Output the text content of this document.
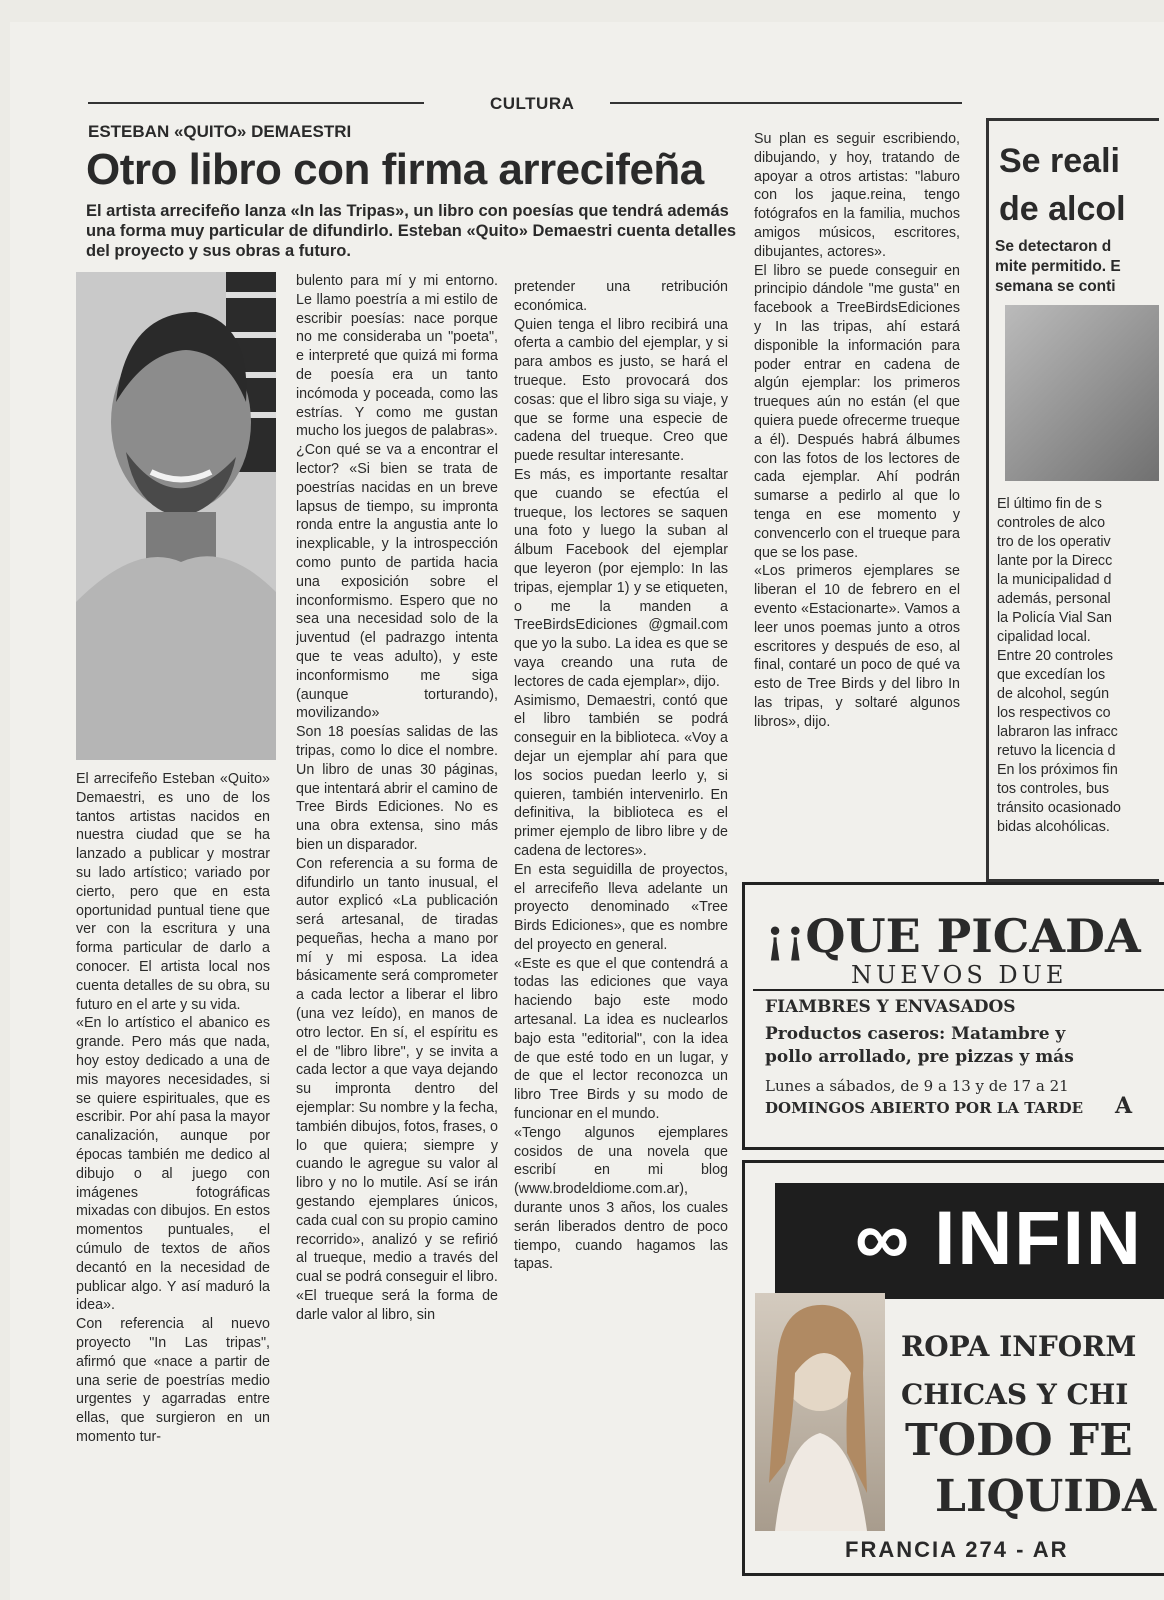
CULTURA
ESTEBAN «QUITO» DEMAESTRI
Otro libro con firma arrecifeña
El artista arrecifeño lanza «In las Tripas», un libro con poesías que tendrá además una forma muy particular de difundirlo. Esteban «Quito» Demaestri cuenta detalles del proyecto y sus obras a futuro.

El arrecifeño Esteban «Quito» Demaestri, es uno de los tantos artistas nacidos en nuestra ciudad que se ha lanzado a publicar y mostrar su lado artístico; variado por cierto, pero que en esta oportunidad puntual tiene que ver con la escritura y una forma particular de darlo a conocer. El artista local nos cuenta detalles de su obra, su futuro en el arte y su vida.

«En lo artístico el abanico es grande. Pero más que nada, hoy estoy dedicado a una de mis mayores necesidades, si se quiere espirituales, que es escribir. Por ahí pasa la mayor canalización, aunque por épocas también me dedico al dibujo o al juego con imágenes fotográficas mixadas con dibujos. En estos momentos puntuales, el cúmulo de textos de años decantó en la necesidad de publicar algo. Y así maduró la idea».

Con referencia al nuevo proyecto "In Las tripas", afirmó que «nace a partir de una serie de poestrías medio urgentes y agarradas entre ellas, que surgieron en un momento tur-

bulento para mí y mi entorno. Le llamo poestría a mi estilo de escribir poesías: nace porque no me consideraba un "poeta", e interpreté que quizá mi forma de poesía era un tanto incómoda y poceada, como las estrías. Y como me gustan mucho los juegos de palabras».

¿Con qué se va a encontrar el lector? «Si bien se trata de poestrías nacidas en un breve lapsus de tiempo, su impronta ronda entre la angustia ante lo inexplicable, y la introspección como punto de partida hacia una exposición sobre el inconformismo. Espero que no sea una necesidad solo de la juventud (el padrazgo intenta que te veas adulto), y este inconformismo me siga (aunque torturando), movilizando»

Son 18 poesías salidas de las tripas, como lo dice el nombre. Un libro de unas 30 páginas, que intentará abrir el camino de Tree Birds Ediciones. No es una obra extensa, sino más bien un disparador.

Con referencia a su forma de difundirlo un tanto inusual, el autor explicó «La publicación será artesanal, de tiradas pequeñas, hecha a mano por mí y mi esposa. La idea básicamente será comprometer a cada lector a liberar el libro (una vez leído), en manos de otro lector. En sí, el espíritu es el de "libro libre", y se invita a cada lector a que vaya dejando su impronta dentro del ejemplar: Su nombre y la fecha, también dibujos, fotos, frases, o lo que quiera; siempre y cuando le agregue su valor al libro y no lo mutile. Así se irán gestando ejemplares únicos, cada cual con su propio camino recorrido», analizó y se refirió al trueque, medio a través del cual se podrá conseguir el libro.

«El trueque será la forma de darle valor al libro, sin

pretender una retribución económica.

Quien tenga el libro recibirá una oferta a cambio del ejemplar, y si para ambos es justo, se hará el trueque. Esto provocará dos cosas: que el libro siga su viaje, y que se forme una especie de cadena del trueque. Creo que puede resultar interesante.

Es más, es importante resaltar que cuando se efectúa el trueque, los lectores se saquen una foto y luego la suban al álbum Facebook del ejemplar que leyeron (por ejemplo: In las tripas, ejemplar 1) y se etiqueten, o me la manden a TreeBirdsEdiciones @gmail.com que yo la subo. La idea es que se vaya creando una ruta de lectores de cada ejemplar», dijo.

Asimismo, Demaestri, contó que el libro también se podrá conseguir en la biblioteca. «Voy a dejar un ejemplar ahí para que los socios puedan leerlo y, si quieren, también intervenirlo. En definitiva, la biblioteca es el primer ejemplo de libro libre y de cadena de lectores».

En esta seguidilla de proyectos, el arrecifeño lleva adelante un proyecto denominado «Tree Birds Ediciones», que es nombre del proyecto en general.

«Este es que el que contendrá a todas las ediciones que vaya haciendo bajo este modo artesanal. La idea es nuclearlos bajo esta "editorial", con la idea de que esté todo en un lugar, y de que el lector reconozca un libro Tree Birds y su modo de funcionar en el mundo.

«Tengo algunos ejemplares cosidos de una novela que escribí en mi blog (www.brodeldiome.com.ar), durante unos 3 años, los cuales serán liberados dentro de poco tiempo, cuando hagamos las tapas.

Su plan es seguir escribiendo, dibujando, y hoy, tratando de apoyar a otros artistas: "laburo con los jaque.reina, tengo fotógrafos en la familia, muchos amigos músicos, escritores, dibujantes, actores».

El libro se puede conseguir en principio dándole "me gusta" en facebook a TreeBirdsEdiciones y In las tripas, ahí estará disponible la información para poder entrar en cadena de algún ejemplar: los primeros trueques aún no están (el que quiera puede ofrecerme trueque a él). Después habrá álbumes con las fotos de los lectores de cada ejemplar. Ahí podrán sumarse a pedirlo al que lo tenga en ese momento y convencerlo con el trueque para que se los pase.

«Los primeros ejemplares se liberan el 10 de febrero en el evento «Estacionarte». Vamos a leer unos poemas junto a otros escritores y después de eso, al final, contaré un poco de qué va esto de Tree Birds y del libro In las tripas, y soltaré algunos libros», dijo.

Se reali
de alcol
Se detectaron d
mite permitido. E
semana se conti
El último fin de s
controles de alco
tro de los operativ
lante por la Direcc
la municipalidad d
además, personal
la Policía Vial San
cipalidad local.
Entre 20 controles
que excedían los
de alcohol, según
los respectivos co
labraron las infracc
retuvo la licencia d
En los próximos fin
tos controles, bus
tránsito ocasionado
bidas alcohólicas.
¡¡QUE PICADA
NUEVOS DUE
FIAMBRES Y ENVASADOS
Productos caseros: Matambre y
pollo arrollado, pre pizzas y más
Lunes a sábados, de 9 a 13 y de 17 a 21
DOMINGOS ABIERTO POR LA TARDE A
∞ INFIN
ROPA INFORM
CHICAS Y CHI
TODO FE
LIQUIDA
FRANCIA 274 - AR
